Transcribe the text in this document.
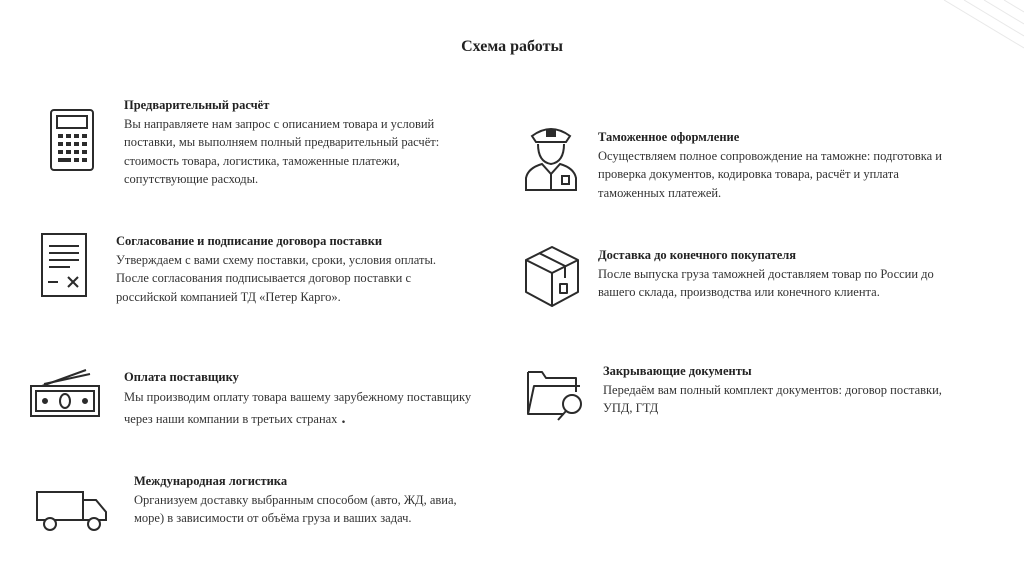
Схема работы
Предварительный расчёт
Вы направляете нам запрос с описанием товара и условий поставки, мы выполняем полный предварительный расчёт: стоимость товара, логистика, таможенные платежи, сопутствующие расходы.
Согласование и подписание договора поставки
Утверждаем с вами схему поставки, сроки, условия оплаты. После согласования подписывается договор поставки с российской компанией ТД «Петер Карго».
Оплата поставщику
Мы производим оплату товара вашему зарубежному поставщику через наши компании в третьих странах .
Международная логистика
Организуем доставку выбранным способом (авто, ЖД, авиа, море) в зависимости от объёма груза и ваших задач.
Таможенное оформление
Осуществляем полное сопровождение на таможне: подготовка и проверка документов, кодировка товара, расчёт и уплата таможенных платежей.
Доставка до конечного покупателя
После выпуска груза таможней доставляем товар по России до вашего склада, производства или конечного клиента.
Закрывающие документы
Передаём вам полный комплект документов: договор поставки, УПД, ГТД
